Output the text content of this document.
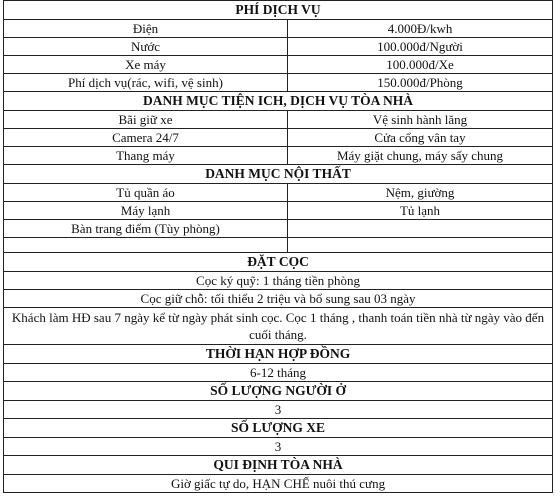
PHÍ DỊCH VỤ	
Điện	4.000Đ/kwh
Nước	100.000đ/Người
Xe máy	100.000đ/Xe
Phí dịch vụ(rác, wifi, vệ sinh)	150.000đ/Phòng
DANH MỤC TIỆN ICH, DỊCH VỤ TÒA NHÀ	
Bãi giữ xe	Vệ sinh hành lăng
Camera 24/7	Cửa cổng vân tay
Thang máy	Máy giặt chung, máy sấy chung
DANH MỤC NỘI THẤT	
Tủ quần áo	Nệm, giường
Máy lạnh	Tủ lạnh
Bàn trang điểm (Tùy phòng)	

ĐẶT CỌC	
Cọc ký quỹ: 1 tháng tiền phòng	
Cọc giữ chỗ: tối thiểu 2 triệu và bổ sung sau 03 ngày	
Khách làm HĐ sau 7 ngày kể từ ngày phát sinh cọc. Cọc 1 tháng , thanh toán tiền nhà từ ngày vào đến cuối tháng.	
THỜI HẠN HỢP ĐỒNG	
6-12 tháng	
SỐ LƯỢNG NGƯỜI Ở	
3	
SỐ LƯỢNG XE	
3	
QUI ĐỊNH TÒA NHÀ	
Giờ giấc tự do, HẠN CHẾ nuôi thú cưng	
